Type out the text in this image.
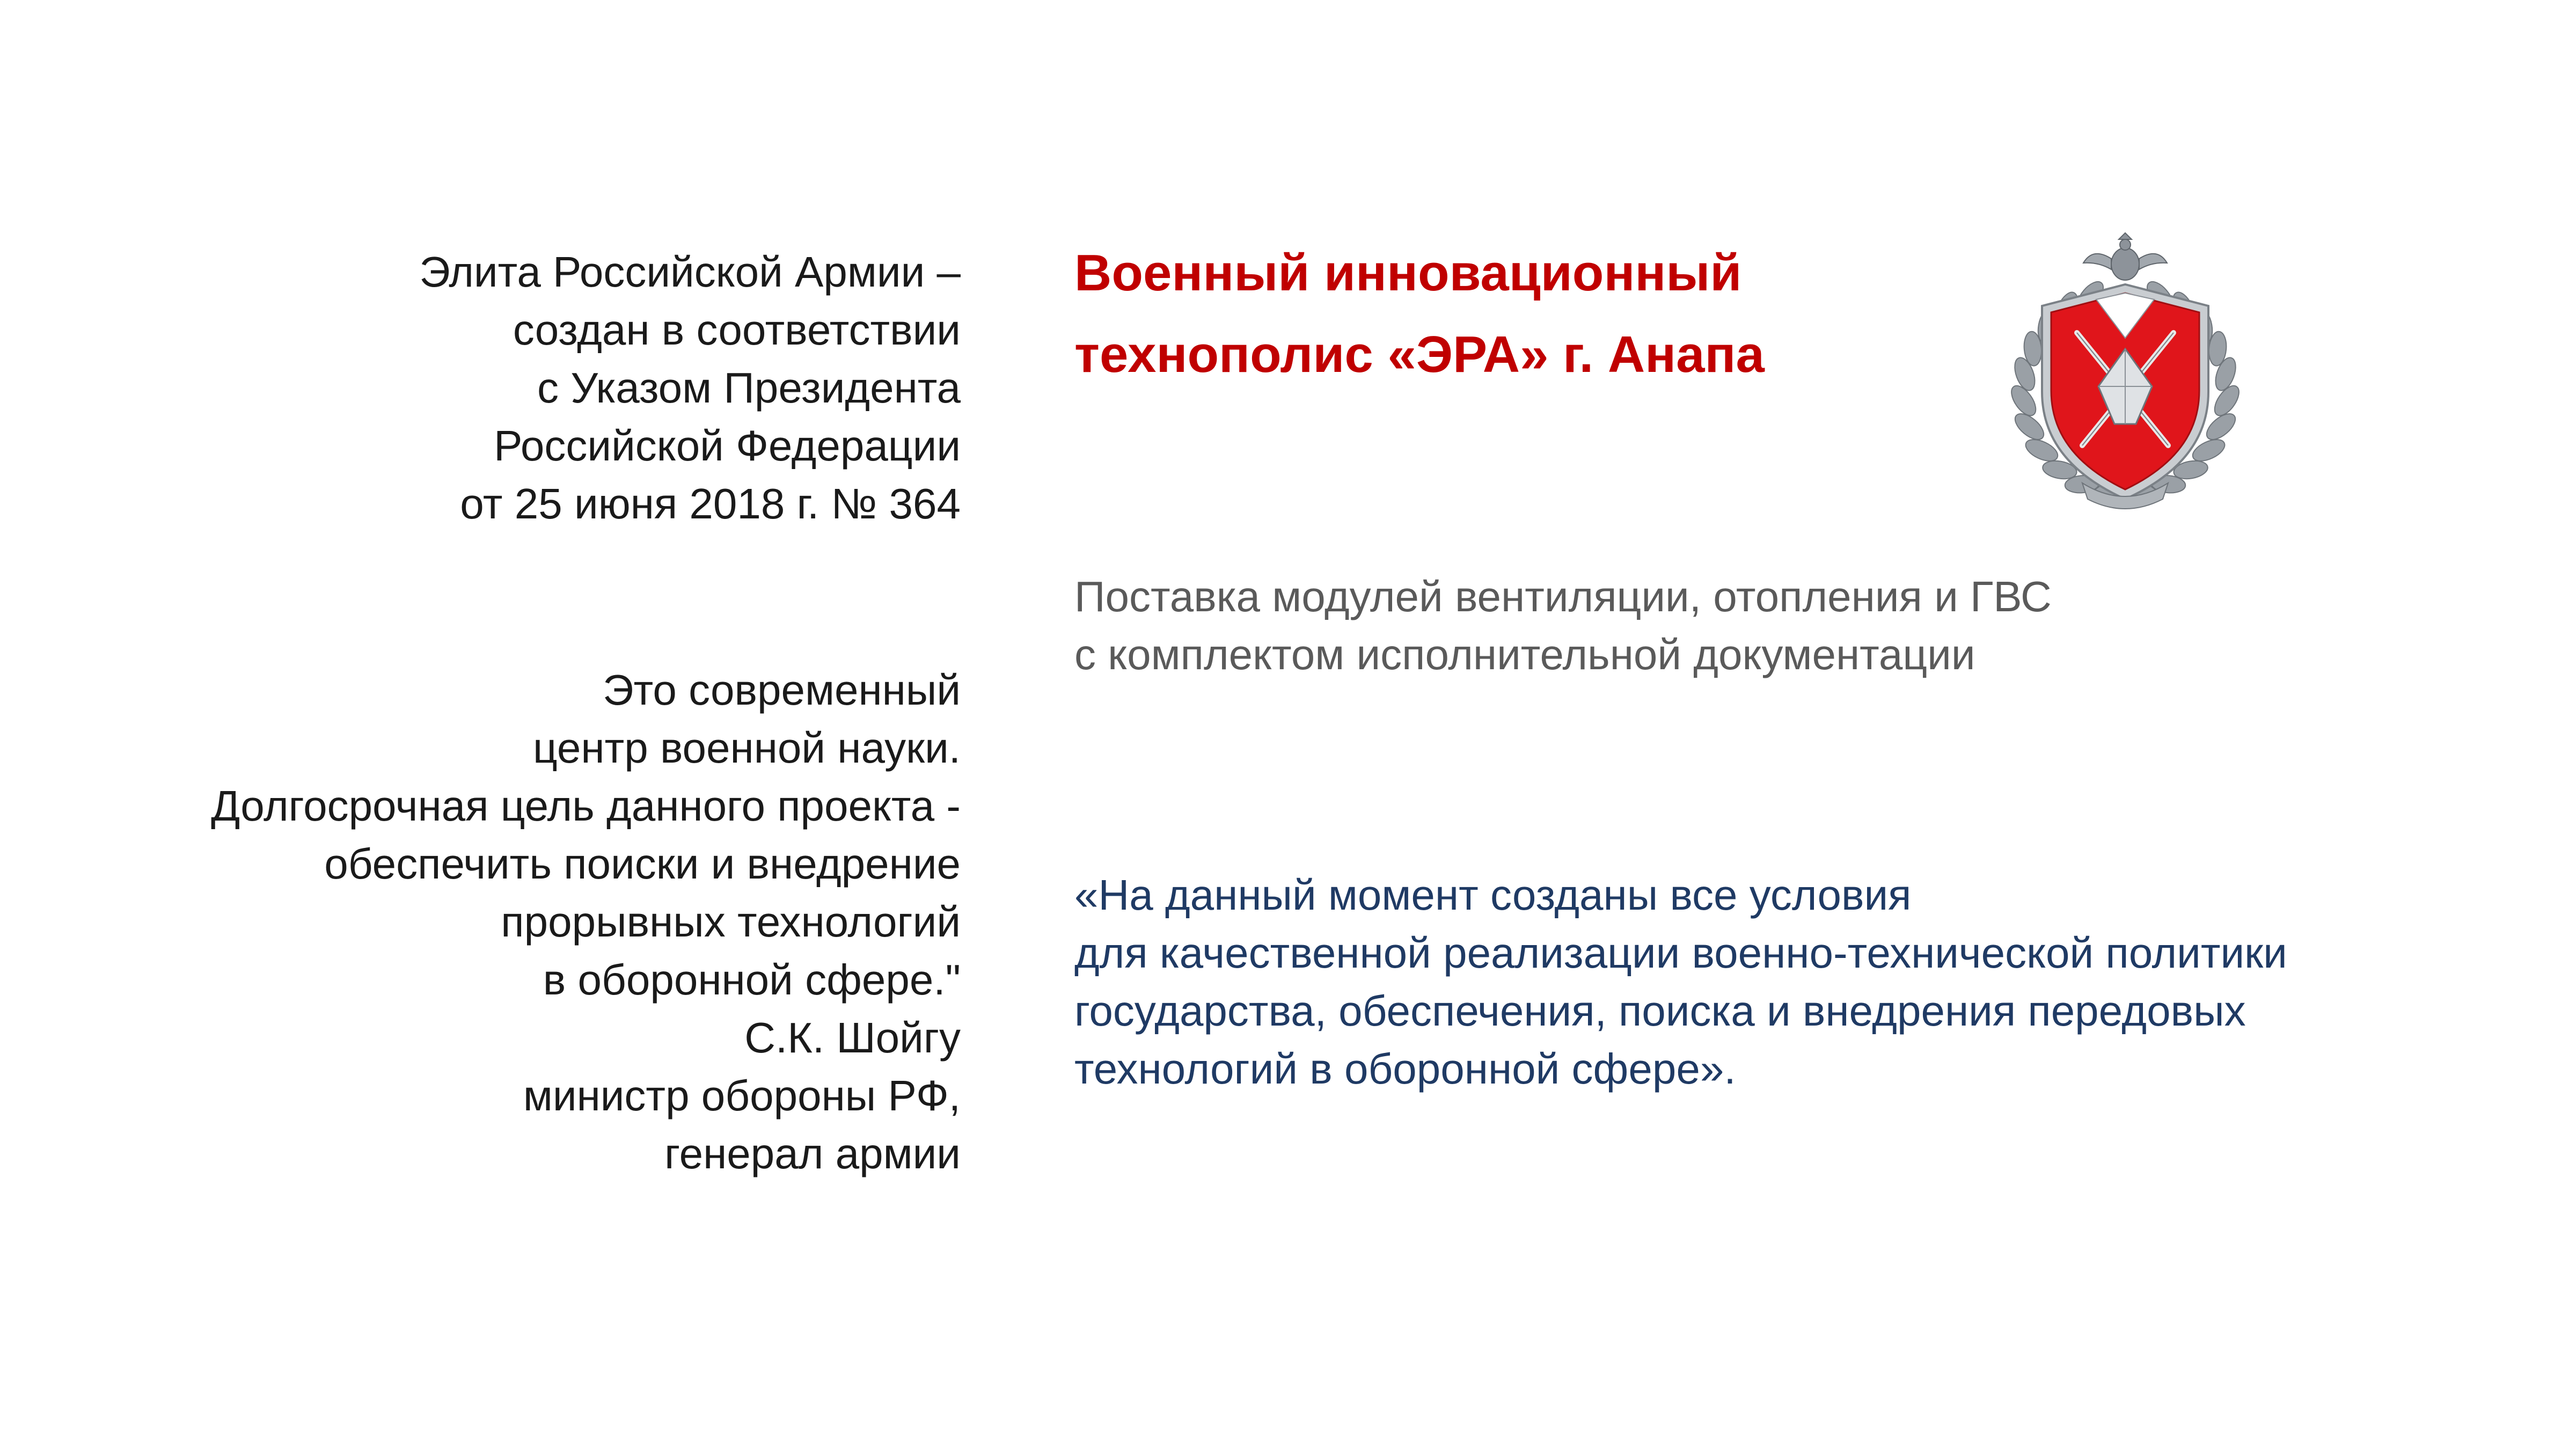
Элита Российской Армии –
создан в соответствии
с Указом Президента
Российской Федерации
от 25 июня 2018 г. № 364
Это современный
центр военной науки.
Долгосрочная цель данного проекта -
обеспечить поиски и внедрение
прорывных технологий
в оборонной сфере."
С.К. Шойгу
министр обороны РФ,
генерал армии
Военный инновационный
технополис «ЭРА» г. Анапа
Поставка модулей вентиляции, отопления и ГВС
с комплектом исполнительной документации
«На данный момент созданы все условия
для качественной реализации военно-технической политики
государства, обеспечения, поиска и внедрения передовых
технологий в оборонной сфере».
